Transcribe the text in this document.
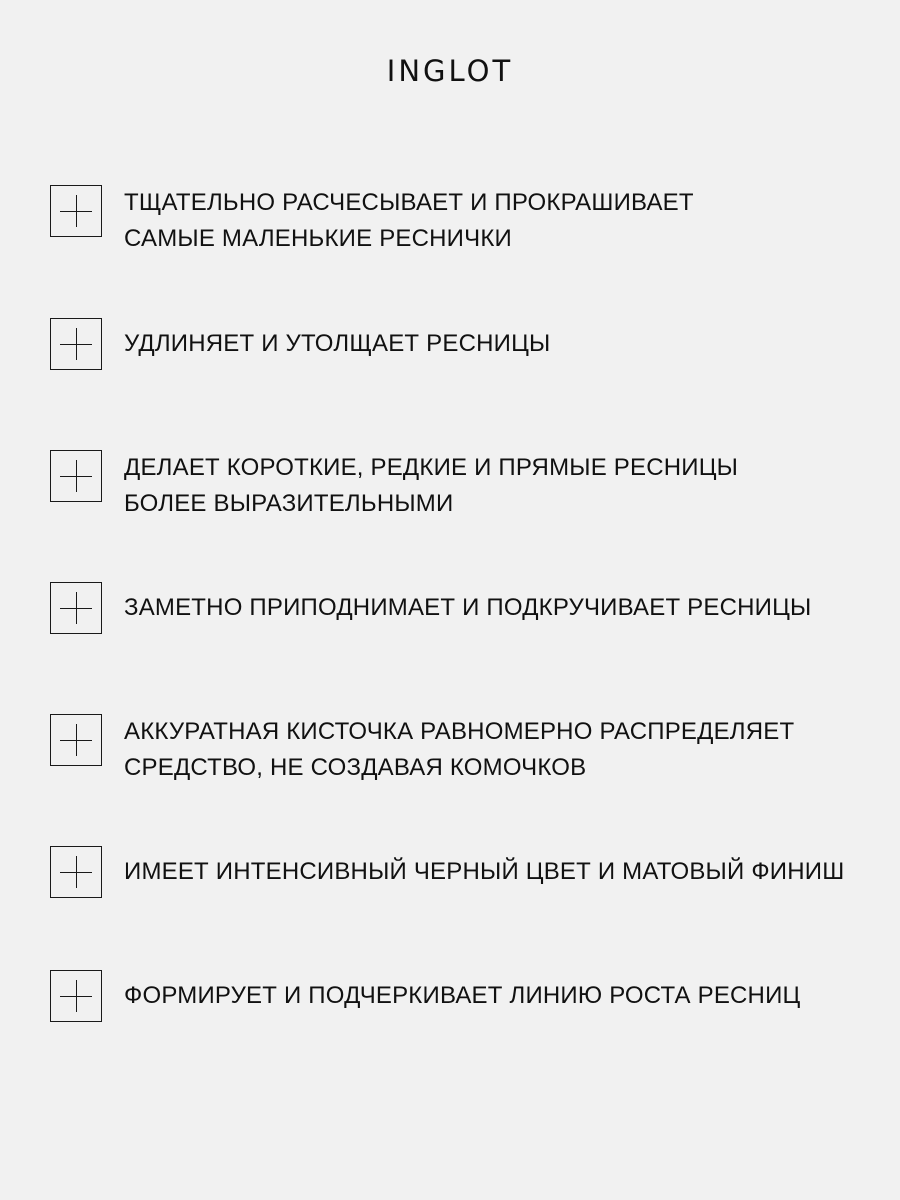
INGLOT
ТЩАТЕЛЬНО РАСЧЕСЫВАЕТ И ПРОКРАШИВАЕТ
САМЫЕ МАЛЕНЬКИЕ РЕСНИЧКИ
УДЛИНЯЕТ И УТОЛЩАЕТ РЕСНИЦЫ
ДЕЛАЕТ КОРОТКИЕ, РЕДКИЕ И ПРЯМЫЕ РЕСНИЦЫ
БОЛЕЕ ВЫРАЗИТЕЛЬНЫМИ
ЗАМЕТНО ПРИПОДНИМАЕТ И ПОДКРУЧИВАЕТ РЕСНИЦЫ
АККУРАТНАЯ КИСТОЧКА РАВНОМЕРНО РАСПРЕДЕЛЯЕТ
СРЕДСТВО, НЕ СОЗДАВАЯ КОМОЧКОВ
ИМЕЕТ ИНТЕНСИВНЫЙ ЧЕРНЫЙ ЦВЕТ И МАТОВЫЙ ФИНИШ
ФОРМИРУЕТ И ПОДЧЕРКИВАЕТ ЛИНИЮ РОСТА РЕСНИЦ
